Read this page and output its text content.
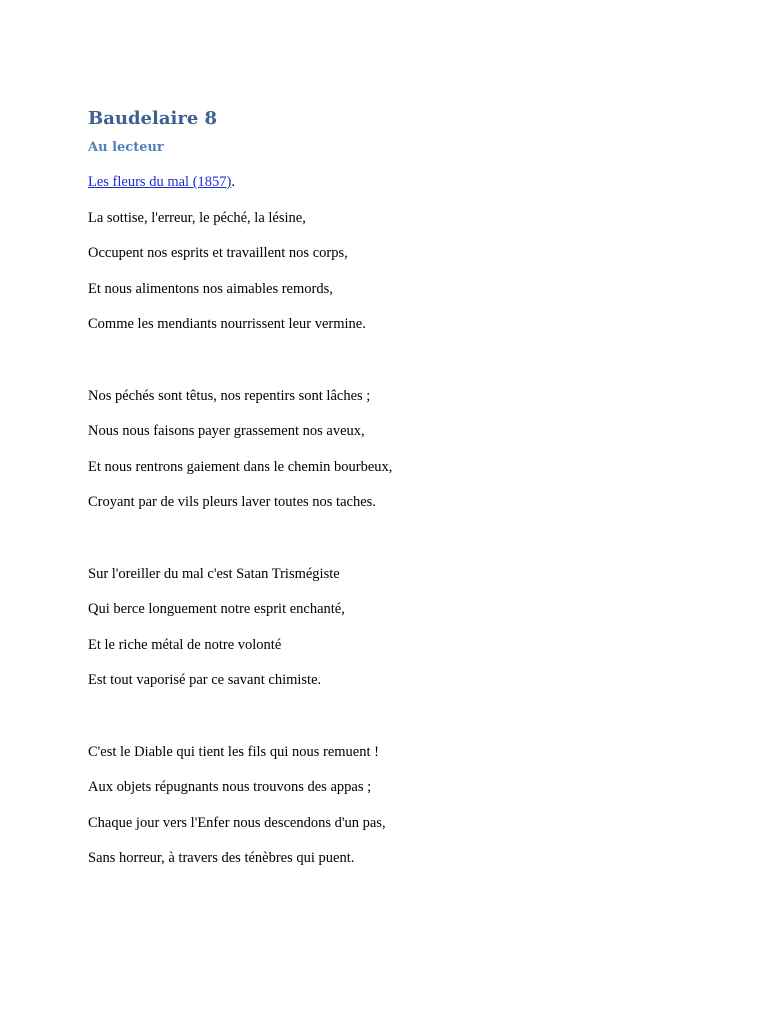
Baudelaire 8
Au lecteur

Les fleurs du mal (1857).

La sottise, l'erreur, le péché, la lésine,
Occupent nos esprits et travaillent nos corps,
Et nous alimentons nos aimables remords,
Comme les mendiants nourrissent leur vermine.
Nos péchés sont têtus, nos repentirs sont lâches ;
Nous nous faisons payer grassement nos aveux,
Et nous rentrons gaiement dans le chemin bourbeux,
Croyant par de vils pleurs laver toutes nos taches.
Sur l'oreiller du mal c'est Satan Trismégiste
Qui berce longuement notre esprit enchanté,
Et le riche métal de notre volonté
Est tout vaporisé par ce savant chimiste.
C'est le Diable qui tient les fils qui nous remuent !
Aux objets répugnants nous trouvons des appas ;
Chaque jour vers l'Enfer nous descendons d'un pas,
Sans horreur, à travers des ténèbres qui puent.
